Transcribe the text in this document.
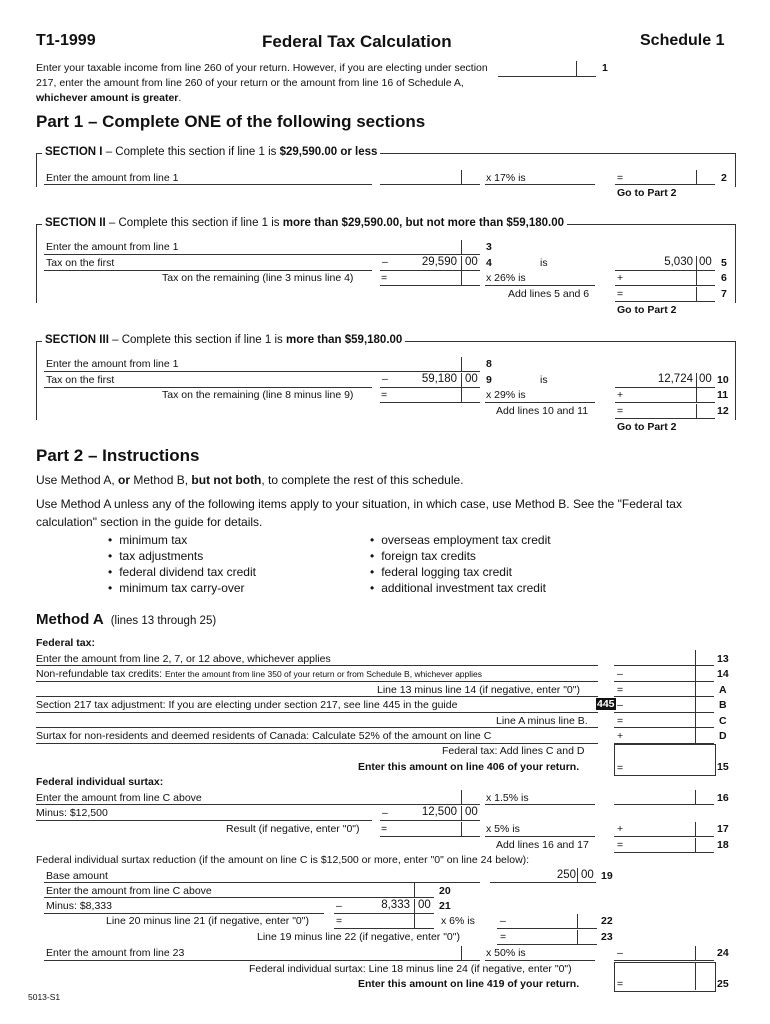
T1-1999	Federal Tax Calculation	Schedule 1
Enter your taxable income from line 260 of your return. However, if you are electing under section 217, enter the amount from line 260 of your return or the amount from line 16 of Schedule A, whichever amount is greater.
1
Part 1 – Complete ONE of the following sections
SECTION I – Complete this section if line 1 is $29,590.00 or less
Enter the amount from line 1	x 17% is	=	2
Go to Part 2
SECTION II – Complete this section if line 1 is more than $29,590.00, but not more than $59,180.00
Enter the amount from line 1	3
Tax on the first	–	29,590 00 4	is	5,030 00 5
Tax on the remaining (line 3 minus line 4)	=	x 26% is	+	6
Add lines 5 and 6	=	7
Go to Part 2
SECTION III – Complete this section if line 1 is more than $59,180.00
Enter the amount from line 1	8
Tax on the first	–	59,180 00 9	is	12,724 00 10
Tax on the remaining (line 8 minus line 9)	=	x 29% is	+	11
Add lines 10 and 11	=	12
Go to Part 2
Part 2 – Instructions
Use Method A, or Method B, but not both, to complete the rest of this schedule.
Use Method A unless any of the following items apply to your situation, in which case, use Method B. See the "Federal tax calculation" section in the guide for details.
• minimum tax
• tax adjustments
• federal dividend tax credit
• minimum tax carry-over
• overseas employment tax credit
• foreign tax credits
• federal logging tax credit
• additional investment tax credit
Method A (lines 13 through 25)
Federal tax:
Enter the amount from line 2, 7, or 12 above, whichever applies	13
Non-refundable tax credits: Enter the amount from line 350 of your return or from Schedule B, whichever applies	–	14
Line 13 minus line 14 (if negative, enter "0")	=	A
Section 217 tax adjustment: If you are electing under section 217, see line 445 in the guide	445 –	B
Line A minus line B.	=	C
Surtax for non-residents and deemed residents of Canada: Calculate 52% of the amount on line C	+	D
Federal tax: Add lines C and D
Enter this amount on line 406 of your return.	=	15
Federal individual surtax:
Enter the amount from line C above	x 1.5% is	16
Minus: $12,500	–	12,500 00
Result (if negative, enter "0") =	x 5% is	+	17
Add lines 16 and 17	=	18
Federal individual surtax reduction (if the amount on line C is $12,500 or more, enter "0" on line 24 below):
Base amount	250 00 19
Enter the amount from line C above	20
Minus: $8,333	–	8,333 00 21
Line 20 minus line 21 (if negative, enter "0")	=	x 6% is –	22
Line 19 minus line 22 (if negative, enter "0")	=	23
Enter the amount from line 23	x 50% is	–	24
Federal individual surtax: Line 18 minus line 24 (if negative, enter "0")
Enter this amount on line 419 of your return.	=	25
5013-S1
